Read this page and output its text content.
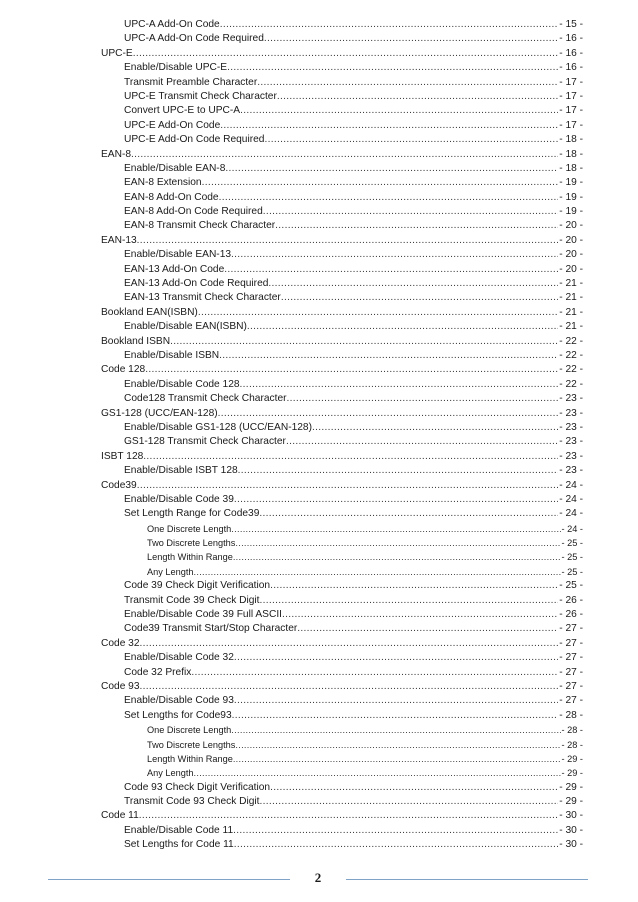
UPC-A Add-On Code .....	- 15 -
UPC-A Add-On Code Required .....	- 16 -
UPC-E .....	- 16 -
Enable/Disable UPC-E .....	- 16 -
Transmit Preamble Character .....	- 17 -
UPC-E Transmit Check Character .....	- 17 -
Convert UPC-E to UPC-A .....	- 17 -
UPC-E Add-On Code .....	- 17 -
UPC-E Add-On Code Required .....	- 18 -
EAN-8 .....	- 18 -
Enable/Disable EAN-8 .....	- 18 -
EAN-8 Extension .....	- 19 -
EAN-8 Add-On Code .....	- 19 -
EAN-8 Add-On Code Required .....	- 19 -
EAN-8 Transmit Check Character .....	- 20 -
EAN-13 .....	- 20 -
Enable/Disable EAN-13 .....	- 20 -
EAN-13 Add-On Code .....	- 20 -
EAN-13 Add-On Code Required .....	- 21 -
EAN-13 Transmit Check Character .....	- 21 -
Bookland EAN(ISBN) .....	- 21 -
Enable/Disable EAN(ISBN) .....	- 21 -
Bookland ISBN .....	- 22 -
Enable/Disable ISBN .....	- 22 -
Code 128 .....	- 22 -
Enable/Disable Code 128 .....	- 22 -
Code128 Transmit Check Character .....	- 23 -
GS1-128 (UCC/EAN-128) .....	- 23 -
Enable/Disable GS1-128 (UCC/EAN-128) .....	- 23 -
GS1-128 Transmit Check Character .....	- 23 -
ISBT 128 .....	- 23 -
Enable/Disable ISBT 128 .....	- 23 -
Code39 .....	- 24 -
Enable/Disable Code 39 .....	- 24 -
Set Length Range for Code39 .....	- 24 -
One Discrete Length .....	- 24 -
Two Discrete Lengths .....	- 25 -
Length Within Range .....	- 25 -
Any Length .....	- 25 -
Code 39 Check Digit Verification .....	- 25 -
Transmit Code 39 Check Digit .....	- 26 -
Enable/Disable Code 39 Full ASCII .....	- 26 -
Code39 Transmit Start/Stop Character .....	- 27 -
Code 32 .....	- 27 -
Enable/Disable Code 32 .....	- 27 -
Code 32 Prefix .....	- 27 -
Code 93 .....	- 27 -
Enable/Disable Code 93 .....	- 27 -
Set Lengths for Code93 .....	- 28 -
One Discrete Length .....	- 28 -
Two Discrete Lengths .....	- 28 -
Length Within Range .....	- 29 -
Any Length .....	- 29 -
Code 93 Check Digit Verification .....	- 29 -
Transmit Code 93 Check Digit .....	- 29 -
Code 11 .....	- 30 -
Enable/Disable Code 11 .....	- 30 -
Set Lengths for Code 11 .....	- 30 -
2
